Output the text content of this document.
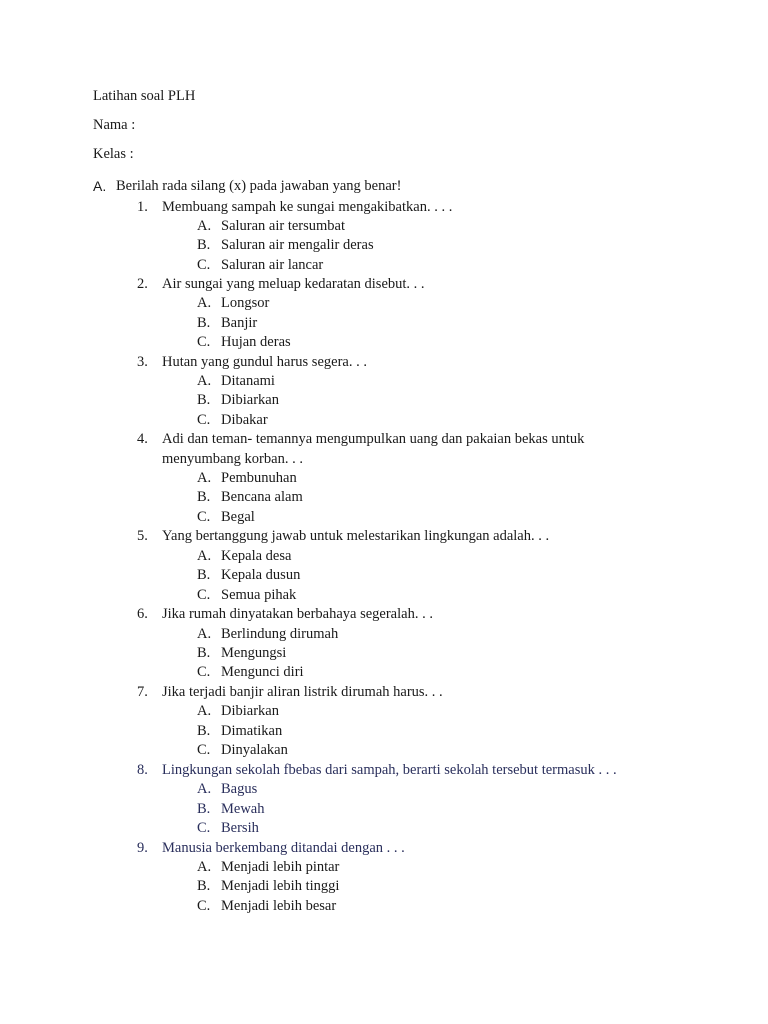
Latihan soal PLH
Nama :
Kelas :
A. Berilah rada silang (x) pada jawaban yang benar!
1. Membuang sampah ke sungai mengakibatkan. . . .
A. Saluran air tersumbat
B. Saluran air mengalir deras
C. Saluran air lancar
2. Air sungai yang meluap kedaratan disebut. . .
A. Longsor
B. Banjir
C. Hujan deras
3. Hutan yang gundul harus segera. . .
A. Ditanami
B. Dibiarkan
C. Dibakar
4. Adi dan teman- temannya mengumpulkan uang dan pakaian bekas untuk
menyumbang korban. . .
A. Pembunuhan
B. Bencana alam
C. Begal
5. Yang bertanggung jawab untuk melestarikan lingkungan adalah. . .
A. Kepala desa
B. Kepala dusun
C. Semua pihak
6. Jika rumah dinyatakan berbahaya segeralah. . .
A. Berlindung dirumah
B. Mengungsi
C. Mengunci diri
7. Jika terjadi banjir aliran listrik dirumah harus. . .
A. Dibiarkan
B. Dimatikan
C. Dinyalakan
8. Lingkungan sekolah fbebas dari sampah, berarti sekolah tersebut termasuk . . .
A. Bagus
B. Mewah
C. Bersih
9. Manusia berkembang ditandai dengan . . .
A. Menjadi lebih pintar
B. Menjadi lebih tinggi
C. Menjadi lebih besar
